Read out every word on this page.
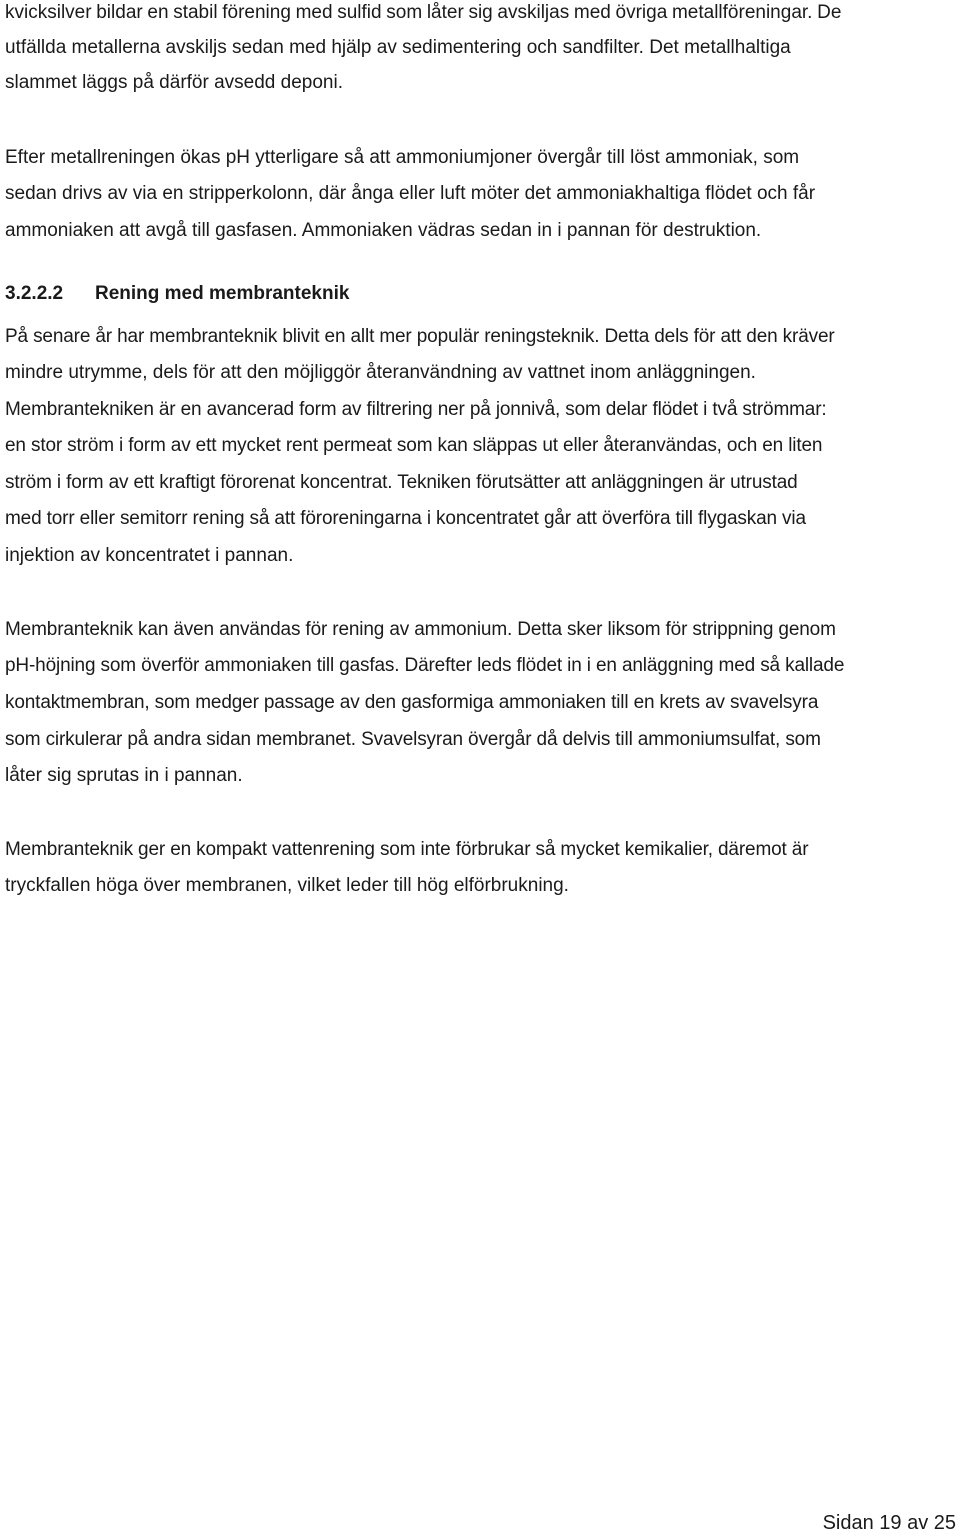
kvicksilver bildar en stabil förening med sulfid som låter sig avskiljas med övriga metallföreningar. De
utfällda metallerna avskiljs sedan med hjälp av sedimentering och sandfilter. Det metallhaltiga
slammet läggs på därför avsedd deponi.
Efter metallreningen ökas pH ytterligare så att ammoniumjoner övergår till löst ammoniak, som
sedan drivs av via en stripperkolonn, där ånga eller luft möter det ammoniakhaltiga flödet och får
ammoniaken att avgå till gasfasen. Ammoniaken vädras sedan in i pannan för destruktion.
3.2.2.2 Rening med membranteknik
På senare år har membranteknik blivit en allt mer populär reningsteknik. Detta dels för att den kräver
mindre utrymme, dels för att den möjliggör återanvändning av vattnet inom anläggningen.
Membrantekniken är en avancerad form av filtrering ner på jonnivå, som delar flödet i två strömmar:
en stor ström i form av ett mycket rent permeat som kan släppas ut eller återanvändas, och en liten
ström i form av ett kraftigt förorenat koncentrat. Tekniken förutsätter att anläggningen är utrustad
med torr eller semitorr rening så att föroreningarna i koncentratet går att överföra till flygaskan via
injektion av koncentratet i pannan.
Membranteknik kan även användas för rening av ammonium. Detta sker liksom för strippning genom
pH-höjning som överför ammoniaken till gasfas. Därefter leds flödet in i en anläggning med så kallade
kontaktmembran, som medger passage av den gasformiga ammoniaken till en krets av svavelsyra
som cirkulerar på andra sidan membranet. Svavelsyran övergår då delvis till ammoniumsulfat, som
låter sig sprutas in i pannan.
Membranteknik ger en kompakt vattenrening som inte förbrukar så mycket kemikalier, däremot är
tryckfallen höga över membranen, vilket leder till hög elförbrukning.
Sidan 19 av 25
